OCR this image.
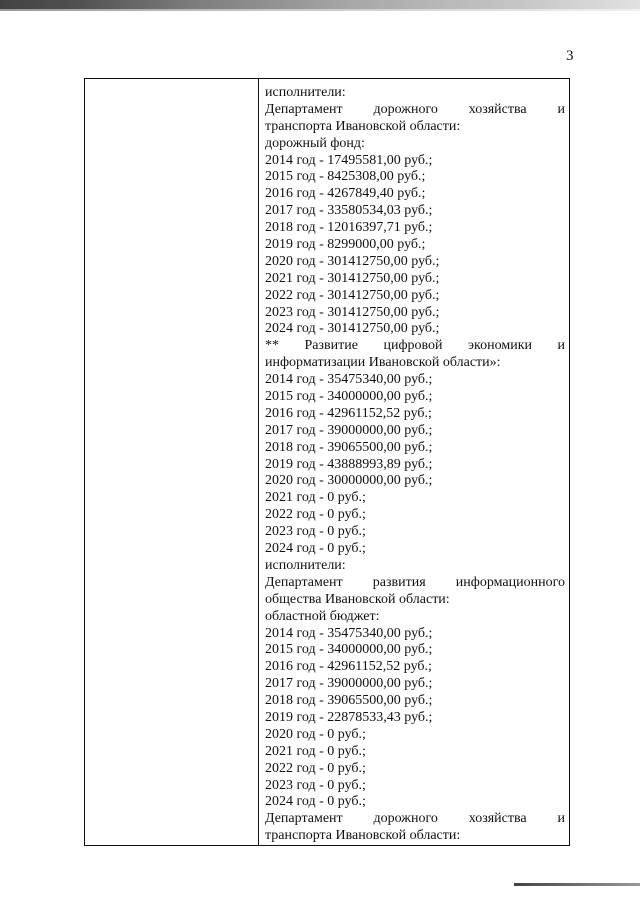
3
исполнители:
Департамент дорожного хозяйства и
транспорта Ивановской области:
дорожный фонд:
2014 год - 17495581,00 руб.;
2015 год - 8425308,00 руб.;
2016 год - 4267849,40 руб.;
2017 год - 33580534,03 руб.;
2018 год - 12016397,71 руб.;
2019 год - 8299000,00 руб.;
2020 год - 301412750,00 руб.;
2021 год - 301412750,00 руб.;
2022 год - 301412750,00 руб.;
2023 год - 301412750,00 руб.;
2024 год - 301412750,00 руб.;
** Развитие цифровой экономики и
информатизации Ивановской области»:
2014 год - 35475340,00 руб.;
2015 год - 34000000,00 руб.;
2016 год - 42961152,52 руб.;
2017 год - 39000000,00 руб.;
2018 год - 39065500,00 руб.;
2019 год - 43888993,89 руб.;
2020 год - 30000000,00 руб.;
2021 год - 0 руб.;
2022 год - 0 руб.;
2023 год - 0 руб.;
2024 год - 0 руб.;
исполнители:
Департамент развития информационного
общества Ивановской области:
областной бюджет:
2014 год - 35475340,00 руб.;
2015 год - 34000000,00 руб.;
2016 год - 42961152,52 руб.;
2017 год - 39000000,00 руб.;
2018 год - 39065500,00 руб.;
2019 год - 22878533,43 руб.;
2020 год - 0 руб.;
2021 год - 0 руб.;
2022 год - 0 руб.;
2023 год - 0 руб.;
2024 год - 0 руб.;
Департамент дорожного хозяйства и
транспорта Ивановской области:
